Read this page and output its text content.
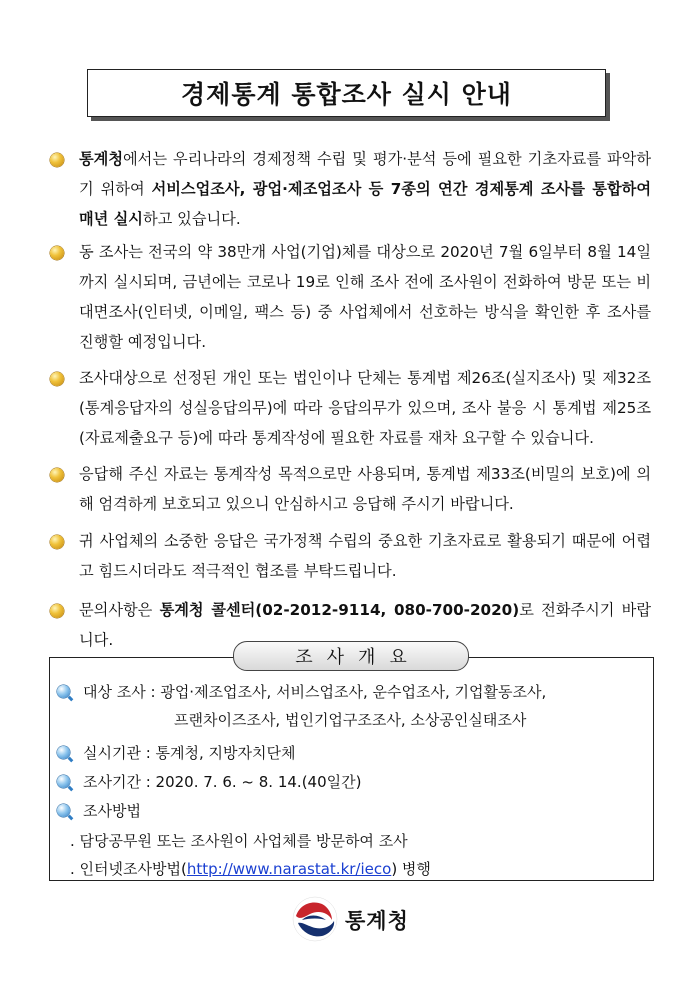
경제통계 통합조사 실시 안내
통계청에서는 우리나라의 경제정책 수립 및 평가·분석 등에 필요한 기초자료를 파악하기 위하여 서비스업조사, 광업·제조업조사 등 7종의 연간 경제통계 조사를 통합하여 매년 실시하고 있습니다.
동 조사는 전국의 약 38만개 사업(기업)체를 대상으로 2020년 7월 6일부터 8월 14일까지 실시되며, 금년에는 코로나 19로 인해 조사 전에 조사원이 전화하여 방문 또는 비대면조사(인터넷, 이메일, 팩스 등) 중 사업체에서 선호하는 방식을 확인한 후 조사를 진행할 예정입니다.
조사대상으로 선정된 개인 또는 법인이나 단체는 통계법 제26조(실지조사) 및 제32조(통계응답자의 성실응답의무)에 따라 응답의무가 있으며, 조사 불응 시 통계법 제25조(자료제출요구 등)에 따라 통계작성에 필요한 자료를 재차 요구할 수 있습니다.
응답해 주신 자료는 통계작성 목적으로만 사용되며, 통계법 제33조(비밀의 보호)에 의해 엄격하게 보호되고 있으니 안심하시고 응답해 주시기 바랍니다.
귀 사업체의 소중한 응답은 국가정책 수립의 중요한 기초자료로 활용되기 때문에 어렵고 힘드시더라도 적극적인 협조를 부탁드립니다.
문의사항은 통계청 콜센터(02-2012-9114, 080-700-2020)로 전화주시기 바랍니다.
조사개요
대상 조사 : 광업·제조업조사, 서비스업조사, 운수업조사, 기업활동조사,
프랜차이즈조사, 법인기업구조조사, 소상공인실태조사
실시기관 : 통계청, 지방자치단체
조사기간 : 2020. 7. 6. ~ 8. 14.(40일간)
조사방법
. 담당공무원 또는 조사원이 사업체를 방문하여 조사
. 인터넷조사방법(http://www.narastat.kr/ieco) 병행
통계청
